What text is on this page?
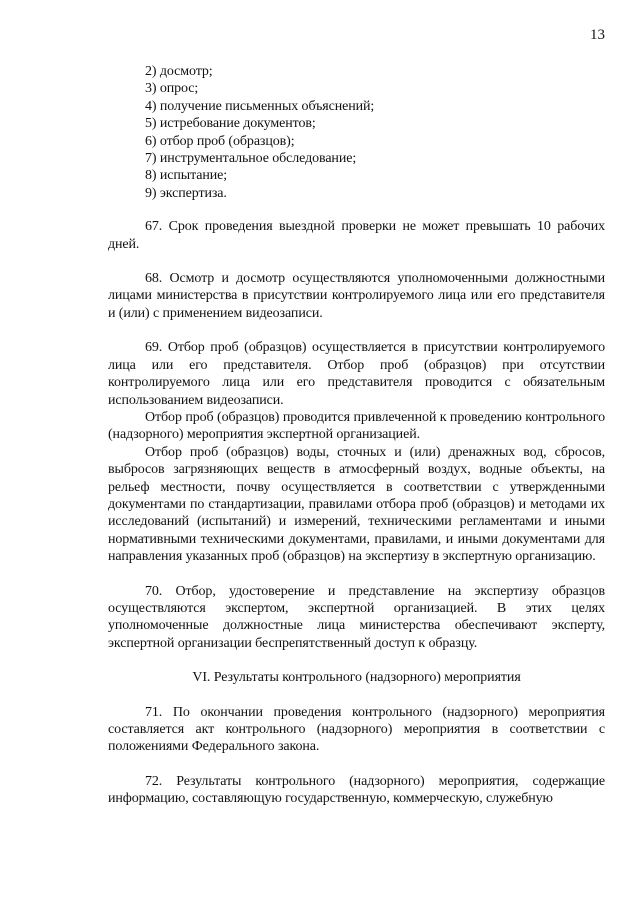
13
2) досмотр;
3) опрос;
4) получение письменных объяснений;
5) истребование документов;
6) отбор проб (образцов);
7) инструментальное обследование;
8) испытание;
9) экспертиза.

67. Срок проведения выездной проверки не может превышать 10 рабочих дней.

68. Осмотр и досмотр осуществляются уполномоченными должностными лицами министерства в присутствии контролируемого лица или его представителя и (или) с применением видеозаписи.

69. Отбор проб (образцов) осуществляется в присутствии контролируемого лица или его представителя. Отбор проб (образцов) при отсутствии контролируемого лица или его представителя проводится с обязательным использованием видеозаписи.

Отбор проб (образцов) проводится привлеченной к проведению контрольного (надзорного) мероприятия экспертной организацией.

Отбор проб (образцов) воды, сточных и (или) дренажных вод, сбросов, выбросов загрязняющих веществ в атмосферный воздух, водные объекты, на рельеф местности, почву осуществляется в соответствии с утвержденными документами по стандартизации, правилами отбора проб (образцов) и методами их исследований (испытаний) и измерений, техническими регламентами и иными нормативными техническими документами, правилами, и иными документами для направления указанных проб (образцов) на экспертизу в экспертную организацию.

70. Отбор, удостоверение и представление на экспертизу образцов осуществляются экспертом, экспертной организацией. В этих целях уполномоченные должностные лица министерства обеспечивают эксперту, экспертной организации беспрепятственный доступ к образцу.

VI. Результаты контрольного (надзорного) мероприятия

71. По окончании проведения контрольного (надзорного) мероприятия составляется акт контрольного (надзорного) мероприятия в соответствии с положениями Федерального закона.

72. Результаты контрольного (надзорного) мероприятия, содержащие информацию, составляющую государственную, коммерческую, служебную
